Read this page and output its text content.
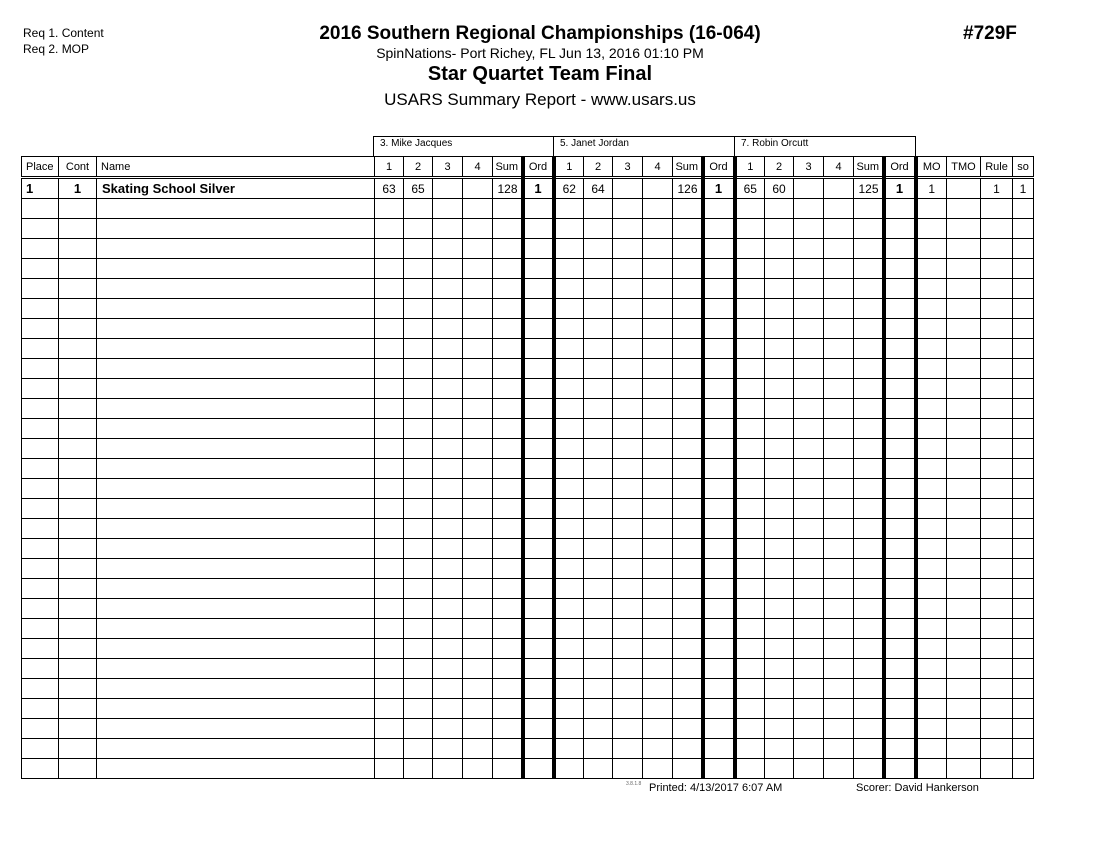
Req 1. Content
Req 2. MOP
2016 Southern Regional Championships (16-064)
SpinNations- Port Richey, FL Jun 13, 2016 01:10 PM
Star Quartet Team Final
USARS Summary Report - www.usars.us
#729F
3. Mike Jacques	5. Janet Jordan	7. Robin Orcutt
Place	Cont	Name	1	2	3	4	Sum	Ord	1	2	3	4	Sum	Ord	1	2	3	4	Sum	Ord	MO	TMO	Rule	so
1	1	Skating School Silver	63	65			128	1	62	64			126	1	65	60			125	1	1		1	1

3.8.1.8 Printed: 4/13/2017 6:07 AM	Scorer: David Hankerson
